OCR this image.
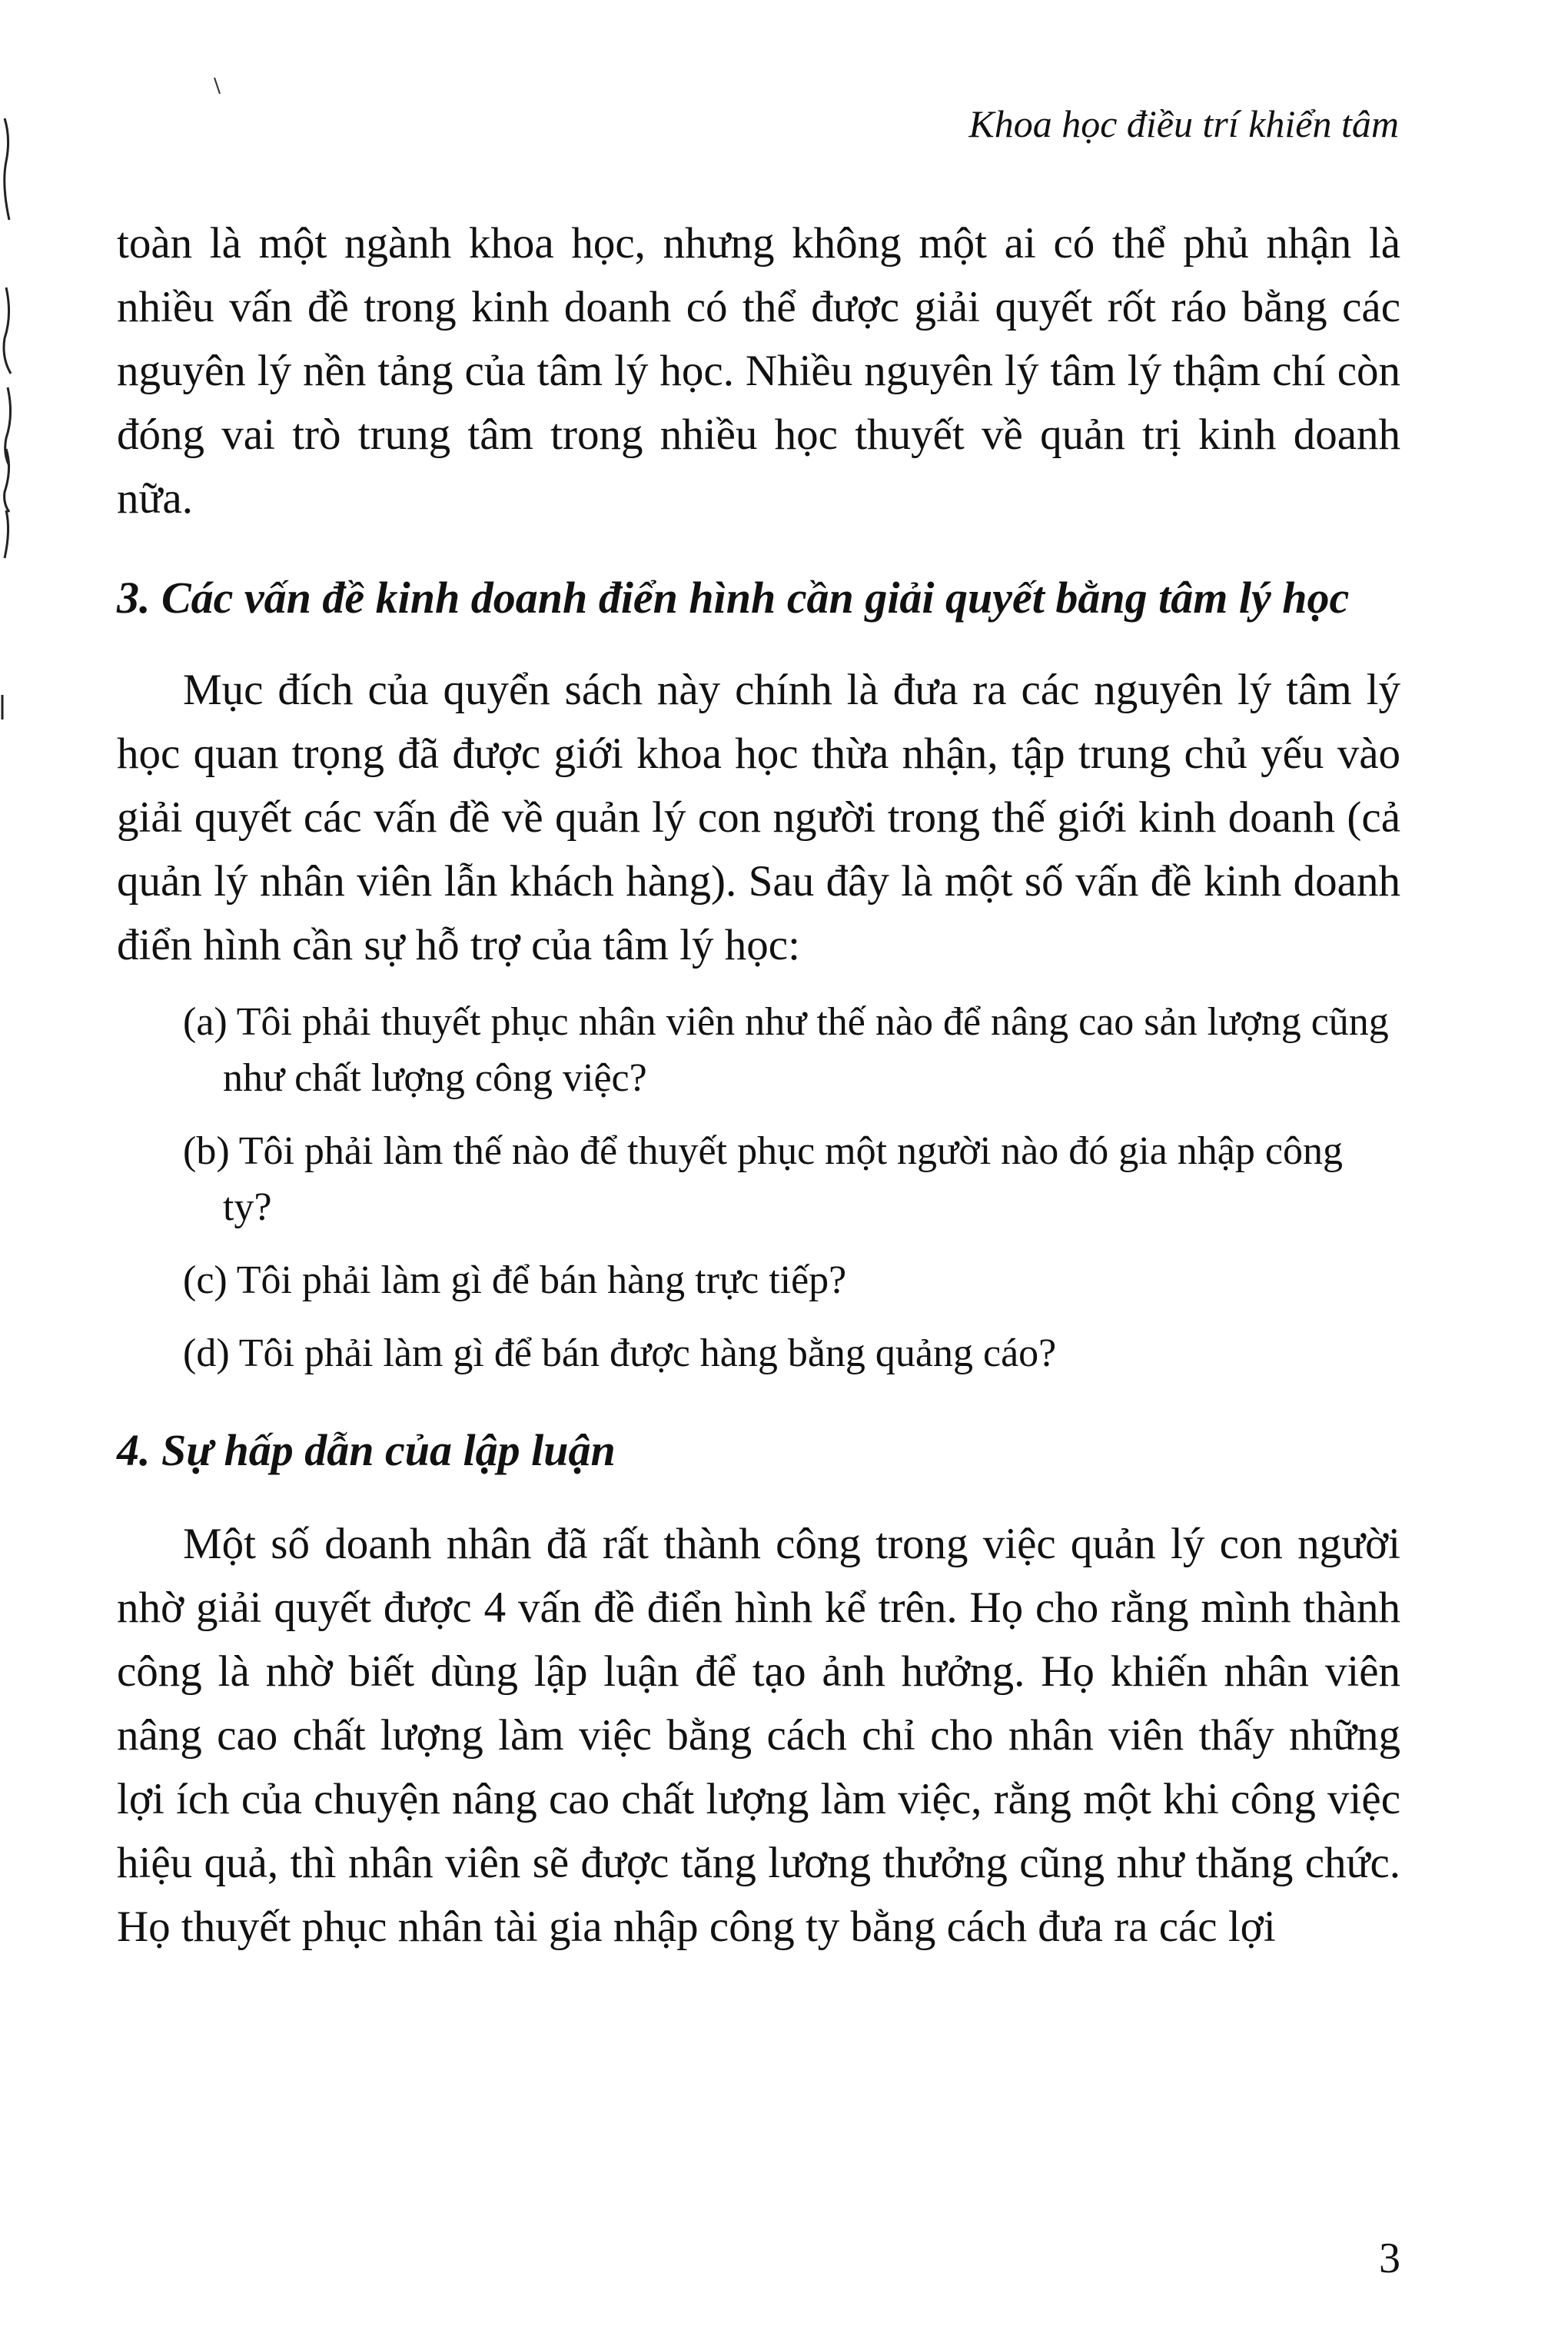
Khoa học điều trí khiển tâm

toàn là một ngành khoa học, nhưng không một ai có thể phủ nhận là nhiều vấn đề trong kinh doanh có thể được giải quyết rốt ráo bằng các nguyên lý nền tảng của tâm lý học. Nhiều nguyên lý tâm lý thậm chí còn đóng vai trò trung tâm trong nhiều học thuyết về quản trị kinh doanh nữa.

3. Các vấn đề kinh doanh điển hình cần giải quyết bằng tâm lý học

Mục đích của quyển sách này chính là đưa ra các nguyên lý tâm lý học quan trọng đã được giới khoa học thừa nhận, tập trung chủ yếu vào giải quyết các vấn đề về quản lý con người trong thế giới kinh doanh (cả quản lý nhân viên lẫn khách hàng). Sau đây là một số vấn đề kinh doanh điển hình cần sự hỗ trợ của tâm lý học:

(a) Tôi phải thuyết phục nhân viên như thế nào để nâng cao sản lượng cũng như chất lượng công việc?
(b) Tôi phải làm thế nào để thuyết phục một người nào đó gia nhập công ty?
(c) Tôi phải làm gì để bán hàng trực tiếp?
(d) Tôi phải làm gì để bán được hàng bằng quảng cáo?
4. Sự hấp dẫn của lập luận

Một số doanh nhân đã rất thành công trong việc quản lý con người nhờ giải quyết được 4 vấn đề điển hình kể trên. Họ cho rằng mình thành công là nhờ biết dùng lập luận để tạo ảnh hưởng. Họ khiến nhân viên nâng cao chất lượng làm việc bằng cách chỉ cho nhân viên thấy những lợi ích của chuyện nâng cao chất lượng làm việc, rằng một khi công việc hiệu quả, thì nhân viên sẽ được tăng lương thưởng cũng như thăng chức. Họ thuyết phục nhân tài gia nhập công ty bằng cách đưa ra các lợi

3
